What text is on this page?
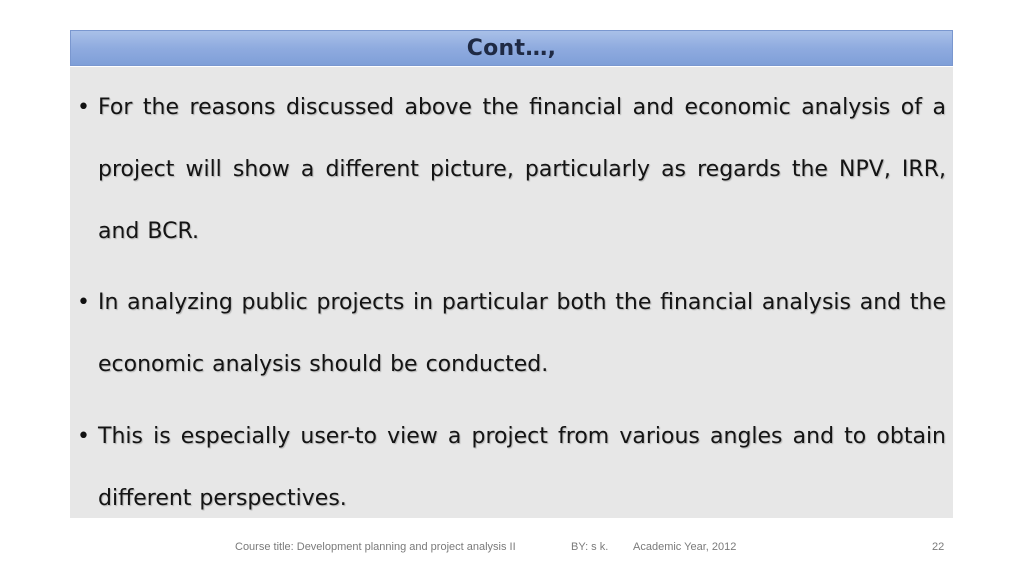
Cont…,
• For the reasons discussed above the financial and economic analysis of a project will show a different picture, particularly as regards the NPV, IRR, and BCR.
• In analyzing public projects in particular both the financial analysis and the economic analysis should be conducted.
• This is especially user-to view a project from various angles and to obtain different perspectives.
Course title: Development planning and project analysis II	BY: s k. Academic Year, 2012	22
